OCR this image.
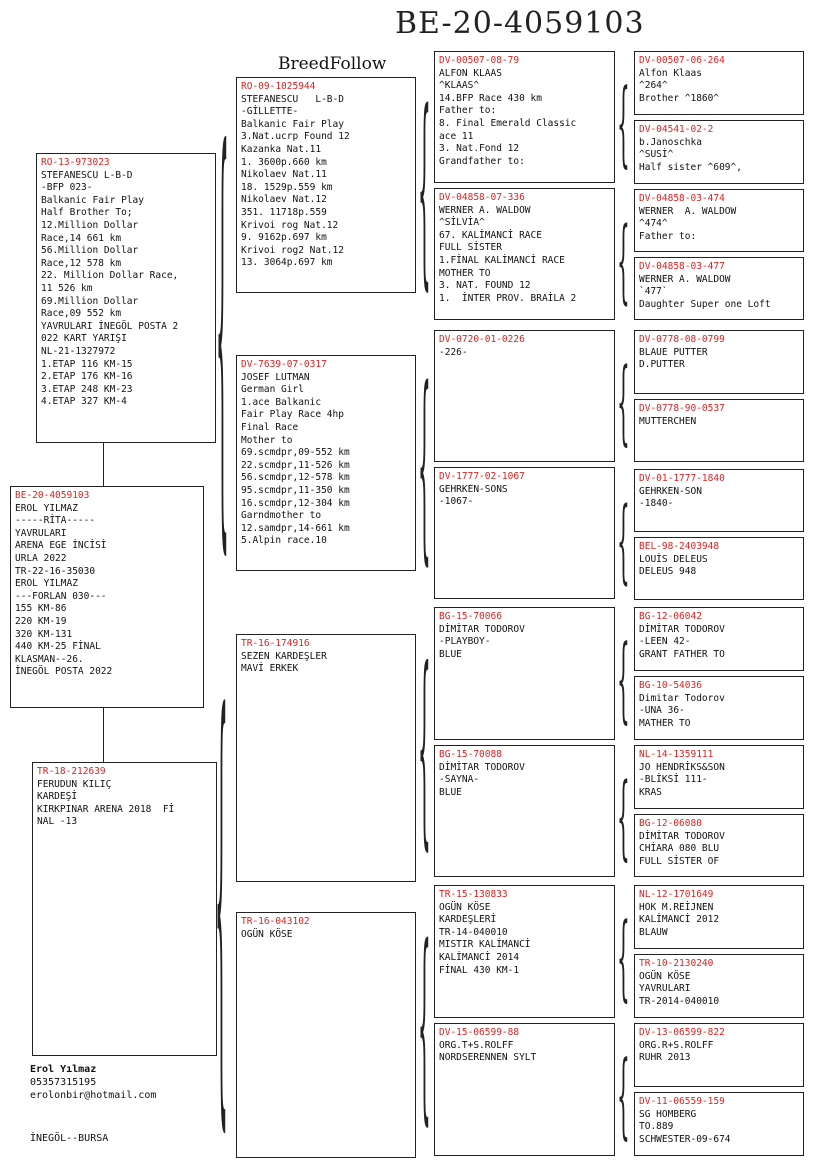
BE-20-4059103
BreedFollow
BE-20-4059103
EROL YILMAZ
-----RİTA-----
YAVRULARI
ARENA EGE İNCİSİ
URLA 2022
TR-22-16-35030
EROL YILMAZ
---FORLAN 030---
155 KM-86
220 KM-19
320 KM-131
440 KM-25 FİNAL
KLASMAN--26.
İNEGÖL POSTA 2022
RO-13-973023
STEFANESCU L-B-D
-BFP 023-
Balkanic Fair Play
Half Brother To;
12.Million Dollar
Race,14 661 km
56.Million Dollar
Race,12 578 km
22. Million Dollar Race,
11 526 km
69.Million Dollar
Race,09 552 km
YAVRULARI İNEGÖL POSTA 2
022 KART YARIŞI
NL-21-1327972
1.ETAP 116 KM-15
2.ETAP 176 KM-16
3.ETAP 248 KM-23
4.ETAP 327 KM-4
TR-18-212639
FERUDUN KILIÇ
KARDEŞİ
KIRKPINAR ARENA 2018  Fİ
NAL -13
RO-09-1025944
STEFANESCU   L-B-D
-GİLLETTE-
Balkanic Fair Play
3.Nat.ucrp Found 12
Kazanka Nat.11
1. 3600p.660 km
Nikolaev Nat.11
18. 1529p.559 km
Nikolaev Nat.12
351. 11718p.559
Krivoi rog Nat.12
9. 9162p.697 km
Krivoi rog2 Nat.12
13. 3064p.697 km
DV-7639-07-0317
JOSEF LUTMAN
German Girl
1.ace Balkanic
Fair Play Race 4hp
Final Race
Mother to
69.scmdpr,09-552 km
22.scmdpr,11-526 km
56.scmdpr,12-578 km
95.scmdpr,11-350 km
16.scmdpr,12-304 km
Garndmother to
12.samdpr,14-661 km
5.Alpin race.10
TR-16-174916
SEZEN KARDEŞLER
MAVİ ERKEK
TR-16-043102
OGÜN KÖSE
DV-00507-08-79
ALFON KLAAS
^KLAAS^
14.BFP Race 430 km
Father to:
8. Final Emerald Classic
ace 11
3. Nat.Fond 12
Grandfather to:
DV-04858-07-336
WERNER A. WALDOW
^SİLVİA^
67. KALİMANCİ RACE
FULL SİSTER
1.FİNAL KALİMANCİ RACE
MOTHER TO
3. NAT. FOUND 12
1.  İNTER PROV. BRAİLA 2
DV-0720-01-0226
-226-
DV-1777-02-1067
GEHRKEN-SONS
-1067-
BG-15-70066
DİMİTAR TODOROV
-PLAYBOY-
BLUE
BG-15-70088
DİMİTAR TODOROV
-SAYNA-
BLUE
TR-15-130833
OGÜN KÖSE
KARDEŞLERİ
TR-14-040010
MISTIR KALİMANCİ
KALİMANCİ 2014
FİNAL 430 KM-1
DV-15-06599-88
ORG.T+S.ROLFF
NORDSERENNEN SYLT
DV-00507-06-264
Alfon Klaas
^264^
Brother ^1860^
DV-04541-02-2
b.Janoschka
^SUSİ^
Half sister ^609^,
DV-04858-03-474
WERNER  A. WALDOW
^474^
Father to:
DV-04858-03-477
WERNER A. WALDOW
`477`
Daughter Super one Loft
DV-0778-08-0799
BLAUE PUTTER
D.PUTTER
DV-0778-90-0537
MUTTERCHEN
DV-01-1777-1840
GEHRKEN-SON
-1840-
BEL-98-2403948
LOUİS DELEUS
DELEUS 948
BG-12-06042
DİMİTAR TODOROV
-LEEN 42-
GRANT FATHER TO
BG-10-54036
Dimitar Todorov
-UNA 36-
MATHER TO
NL-14-1359111
JO HENDRİKS&SON
-BLİKSİ 111-
KRAS
BG-12-06080
DİMİTAR TODOROV
CHİARA 080 BLU
FULL SİSTER OF
NL-12-1701649
HOK M.REİJNEN
KALİMANCİ 2012
BLAUW
TR-10-2130240
OGÜN KÖSE
YAVRULARI
TR-2014-040010
DV-13-06599-822
ORG.R+S.ROLFF
RUHR 2013
DV-11-06559-159
SG HOMBERG
TO.889
SCHWESTER-09-674
{
{
{
{
{
{
{
{
{
{
{
{
{
{
Erol Yılmaz
05357315195
erolonbir@hotmail.com
İNEGÖL--BURSA
